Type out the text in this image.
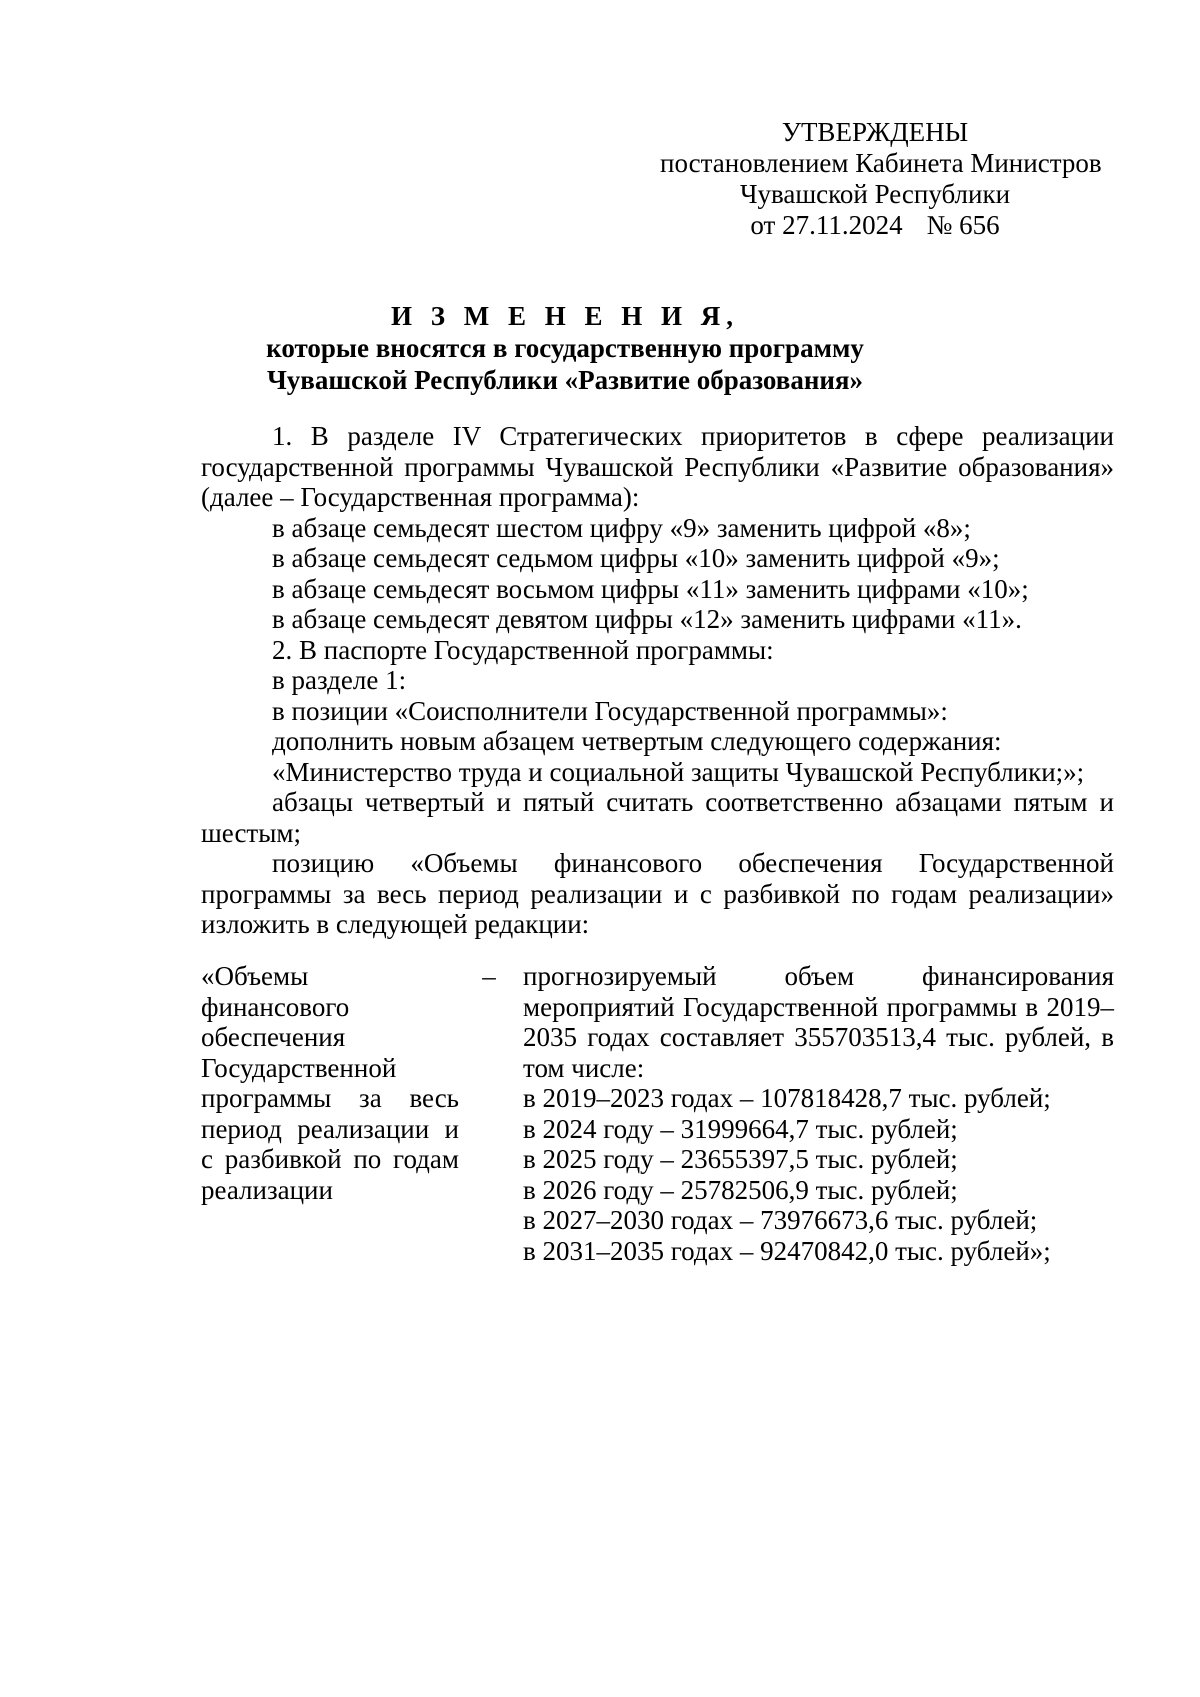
УТВЕРЖДЕНЫ
постановлением Кабинета Министров
Чувашской Республики
от 27.11.2024 № 656
И З М Е Н Е Н И Я,
которые вносятся в государственную программу
Чувашской Республики «Развитие образования»

1. В разделе IV Стратегических приоритетов в сфере реализации государственной программы Чувашской Республики «Развитие образования» (далее – Государственная программа):

в абзаце семьдесят шестом цифру «9» заменить цифрой «8»;

в абзаце семьдесят седьмом цифры «10» заменить цифрой «9»;

в абзаце семьдесят восьмом цифры «11» заменить цифрами «10»;

в абзаце семьдесят девятом цифры «12» заменить цифрами «11».

2. В паспорте Государственной программы:

в разделе 1:

в позиции «Соисполнители Государственной программы»:

дополнить новым абзацем четвертым следующего содержания:

«Министерство труда и социальной защиты Чувашской Республики;»;

абзацы четвертый и пятый считать соответственно абзацами пятым и шестым;

позицию «Объемы финансового обеспечения Государственной программы за весь период реализации и с разбивкой по годам реализации» изложить в следующей редакции:

«Объемы финансового обеспечения Государственной программы за весь период реализации и с разбивкой по годам реализации
– прогнозируемый объем финансирования мероприятий Государственной программы в 2019–2035 годах составляет 355703513,4 тыс. рублей, в том числе:
в 2019–2023 годах – 107818428,7 тыс. рублей;
в 2024 году – 31999664,7 тыс. рублей;
в 2025 году – 23655397,5 тыс. рублей;
в 2026 году – 25782506,9 тыс. рублей;
в 2027–2030 годах – 73976673,6 тыс. рублей;
в 2031–2035 годах – 92470842,0 тыс. рублей»;
